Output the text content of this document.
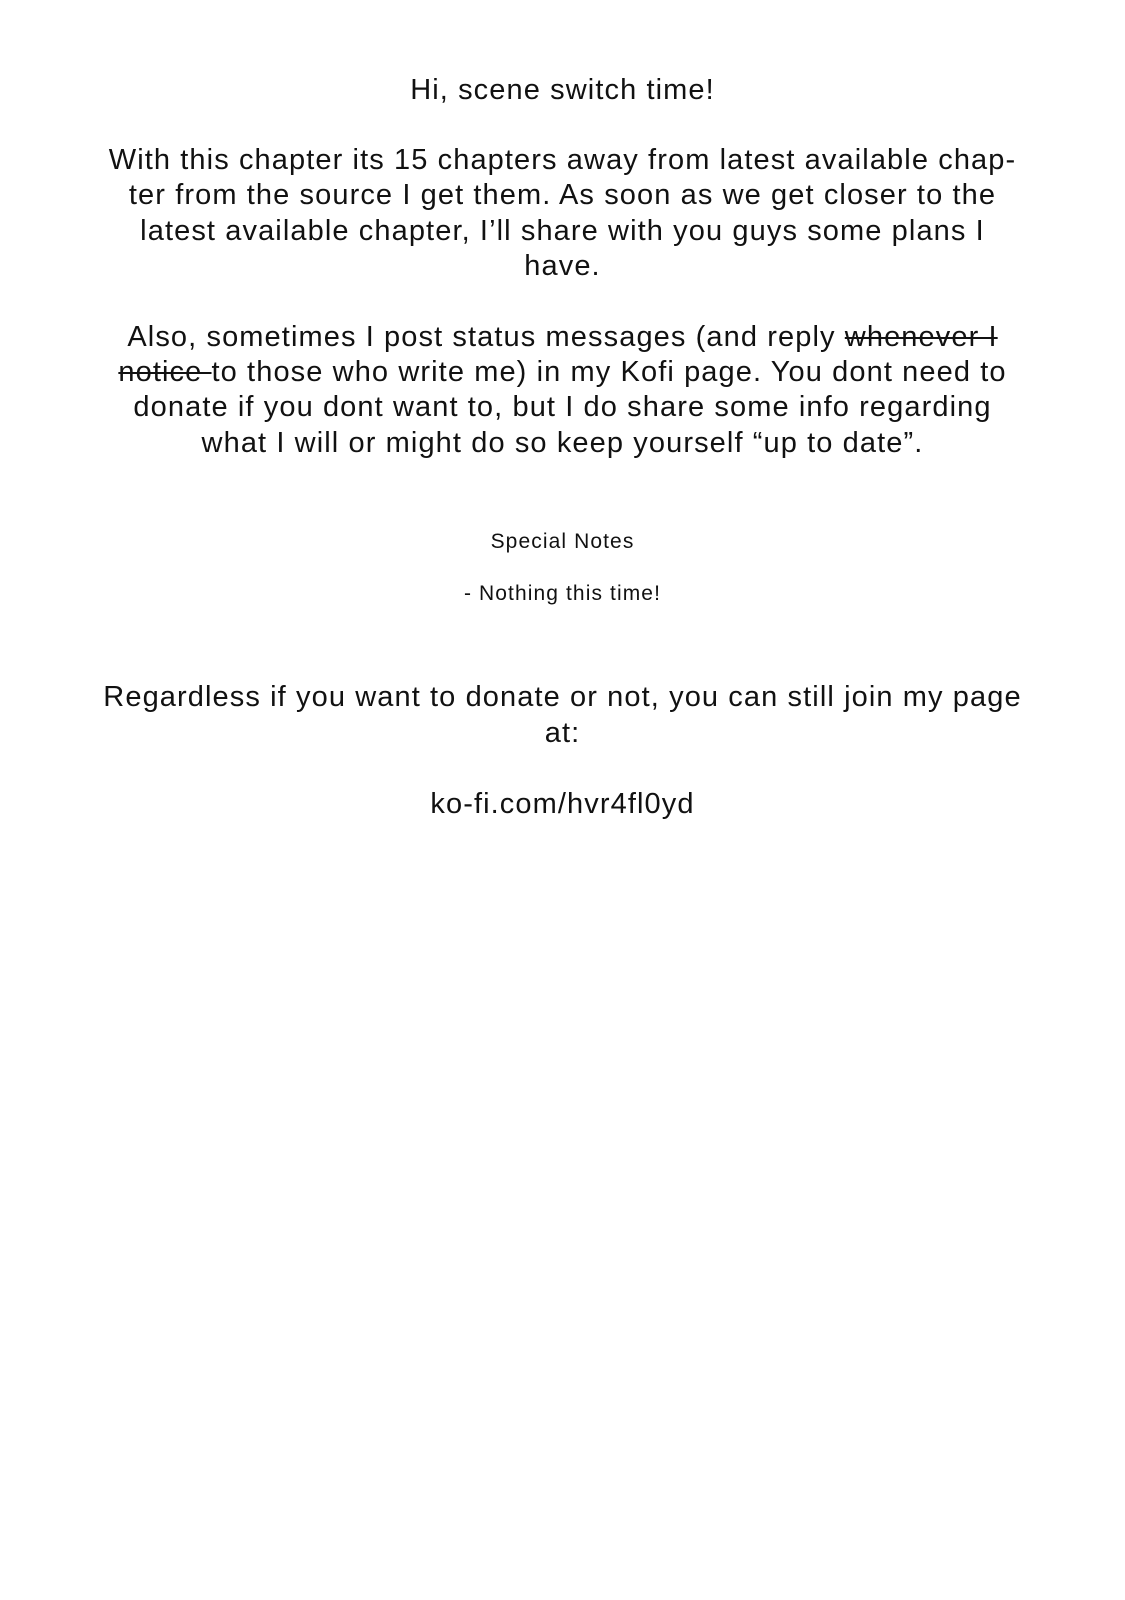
Hi, scene switch time!
With this chapter its 15 chapters away from latest available chap-
ter from the source I get them. As soon as we get closer to the
latest available chapter, I’ll share with you guys some plans I
have.
Also, sometimes I post status messages (and reply whenever I
notice to those who write me) in my Kofi page. You dont need to
donate if you dont want to, but I do share some info regarding
what I will or might do so keep yourself “up to date”.
Special Notes
- Nothing this time!
Regardless if you want to donate or not, you can still join my page
at:
ko-fi.com/hvr4fl0yd
